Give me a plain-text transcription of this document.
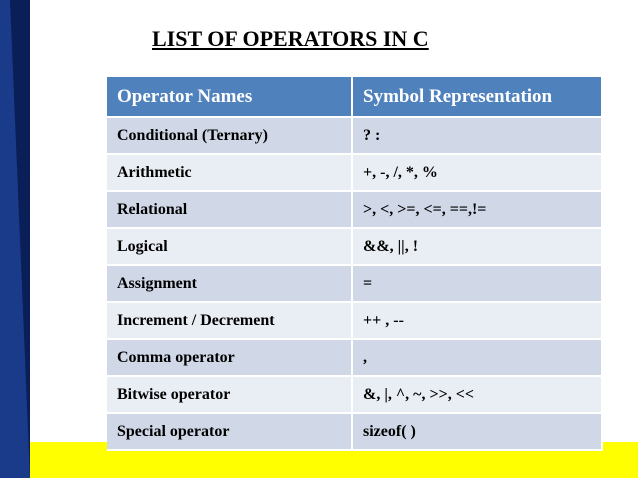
LIST OF OPERATORS IN C
Operator Names	Symbol Representation
Conditional (Ternary)	? :
Arithmetic	+, -, /, *, %
Relational	>, <, >=, <=, ==,!=
Logical	&&, ||, !
Assignment	=
Increment / Decrement	++ , --
Comma operator	,
Bitwise operator	&, |, ^, ~, >>, <<
Special operator	sizeof( )
